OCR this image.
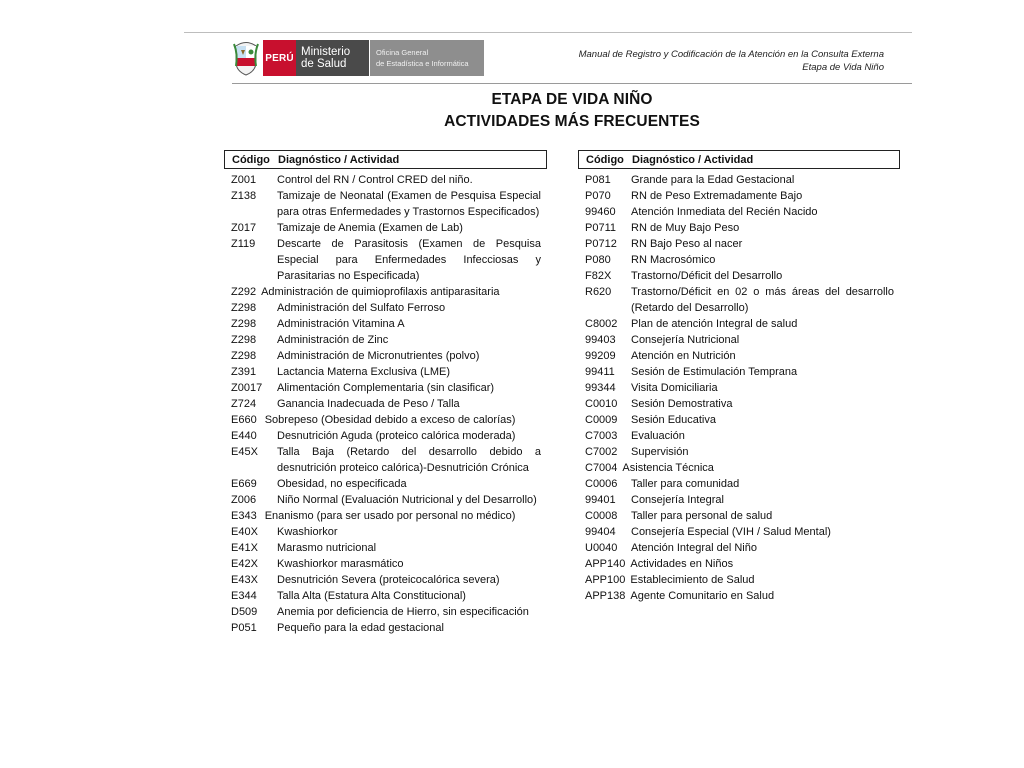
PERÚ Ministerio
de Salud
Oficina General
de Estadística e Informática
Manual de Registro y Codificación de la Atención en la Consulta Externa
Etapa de Vida Niño
ETAPA DE VIDA NIÑO
ACTIVIDADES MÁS FRECUENTES
Código Diagnóstico / Actividad
Z001	Control del RN / Control CRED del niño.
Z138	Tamizaje de Neonatal (Examen de Pesquisa Especial para otras Enfermedades y Trastornos Especificados)
Z017	Tamizaje de Anemia (Examen de Lab)
Z119	Descarte de Parasitosis (Examen de Pesquisa Especial para Enfermedades Infecciosas y Parasitarias no Especificada)
Z292 Administración de quimioprofilaxis antiparasitaria
Z298	Administración del Sulfato Ferroso
Z298	Administración Vitamina A
Z298	Administración de Zinc
Z298	Administración de Micronutrientes (polvo)
Z391	Lactancia Materna Exclusiva (LME)
Z0017	Alimentación Complementaria (sin clasificar)
Z724	Ganancia Inadecuada de Peso / Talla
E660 Sobrepeso (Obesidad debido a exceso de calorías)
E440	Desnutrición Aguda (proteico calórica moderada)
E45X	Talla Baja (Retardo del desarrollo debido a desnutrición proteico calórica)-Desnutrición Crónica
E669	Obesidad, no especificada
Z006	Niño Normal (Evaluación Nutricional y del Desarrollo)
E343 Enanismo (para ser usado por personal no médico)
E40X	Kwashiorkor
E41X	Marasmo nutricional
E42X	Kwashiorkor marasmático
E43X	Desnutrición Severa (proteicocalórica severa)
E344	Talla Alta (Estatura Alta Constitucional)
D509	Anemia por deficiencia de Hierro, sin especificación
P051	Pequeño para la edad gestacional
Código Diagnóstico / Actividad
P081	Grande para la Edad Gestacional
P070	RN de Peso Extremadamente Bajo
99460	Atención Inmediata del Recién Nacido
P0711	RN de Muy Bajo Peso
P0712	RN Bajo Peso al nacer
P080	RN Macrosómico
F82X	Trastorno/Déficit del Desarrollo
R620	Trastorno/Déficit en 02 o más áreas del desarrollo (Retardo del Desarrollo)
C8002	Plan de atención Integral de salud
99403	Consejería Nutricional
99209	Atención en Nutrición
99411	Sesión de Estimulación Temprana
99344	Visita Domiciliaria
C0010	Sesión Demostrativa
C0009	Sesión Educativa
C7003	Evaluación
C7002	Supervisión
C7004 Asistencia Técnica
C0006	Taller para comunidad
99401	Consejería Integral
C0008	Taller para personal de salud
99404	Consejería Especial (VIH / Salud Mental)
U0040	Atención Integral del Niño
APP140 Actividades en Niños
APP100 Establecimiento de Salud
APP138 Agente Comunitario en Salud
